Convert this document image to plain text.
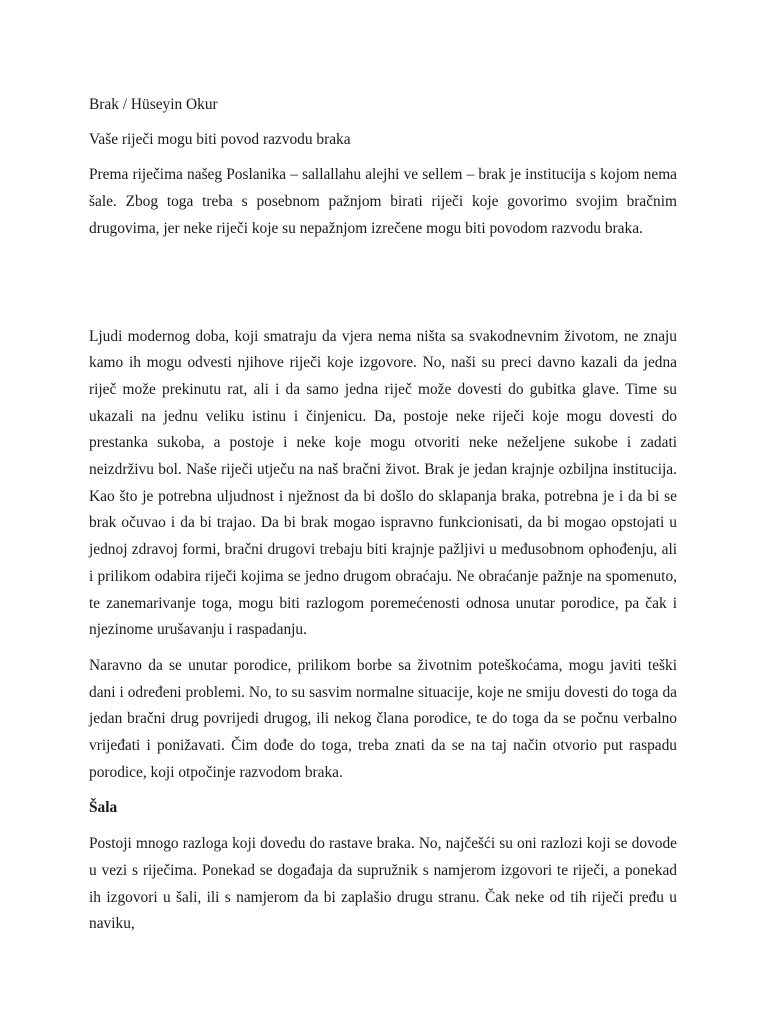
Brak / Hüseyin Okur

Vaše riječi mogu biti povod razvodu braka

Prema riječima našeg Poslanika – sallallahu alejhi ve sellem – brak je institucija s kojom nema šale. Zbog toga treba s posebnom pažnjom birati riječi koje govorimo svojim bračnim drugovima, jer neke riječi koje su nepažnjom izrečene mogu biti povodom razvodu braka.

Ljudi modernog doba, koji smatraju da vjera nema ništa sa svakodnevnim životom, ne znaju kamo ih mogu odvesti njihove riječi koje izgovore. No, naši su preci davno kazali da jedna riječ može prekinutu rat, ali i da samo jedna riječ može dovesti do gubitka glave. Time su ukazali na jednu veliku istinu i činjenicu. Da, postoje neke riječi koje mogu dovesti do prestanka sukoba, a postoje i neke koje mogu otvoriti neke neželjene sukobe i zadati neizdrživu bol. Naše riječi utječu na naš bračni život. Brak je jedan krajnje ozbiljna institucija. Kao što je potrebna uljudnost i nježnost da bi došlo do sklapanja braka, potrebna je i da bi se brak očuvao i da bi trajao. Da bi brak mogao ispravno funkcionisati, da bi mogao opstojati u jednoj zdravoj formi, bračni drugovi trebaju biti krajnje pažljivi u međusobnom ophođenju, ali i prilikom odabira riječi kojima se jedno drugom obraćaju. Ne obraćanje pažnje na spomenuto, te zanemarivanje toga, mogu biti razlogom poremećenosti odnosa unutar porodice, pa čak i njezinome urušavanju i raspadanju.

Naravno da se unutar porodice, prilikom borbe sa životnim poteškoćama, mogu javiti teški dani i određeni problemi. No, to su sasvim normalne situacije, koje ne smiju dovesti do toga da jedan bračni drug povrijedi drugog, ili nekog člana porodice, te do toga da se počnu verbalno vrijeđati i ponižavati. Čim dođe do toga, treba znati da se na taj način otvorio put raspadu porodice, koji otpočinje razvodom braka.

Šala

Postoji mnogo razloga koji dovedu do rastave braka. No, najčešći su oni razlozi koji se dovode u vezi s riječima. Ponekad se događaja da supružnik s namjerom izgovori te riječi, a ponekad ih izgovori u šali, ili s namjerom da bi zaplašio drugu stranu. Čak neke od tih riječi pređu u naviku,
